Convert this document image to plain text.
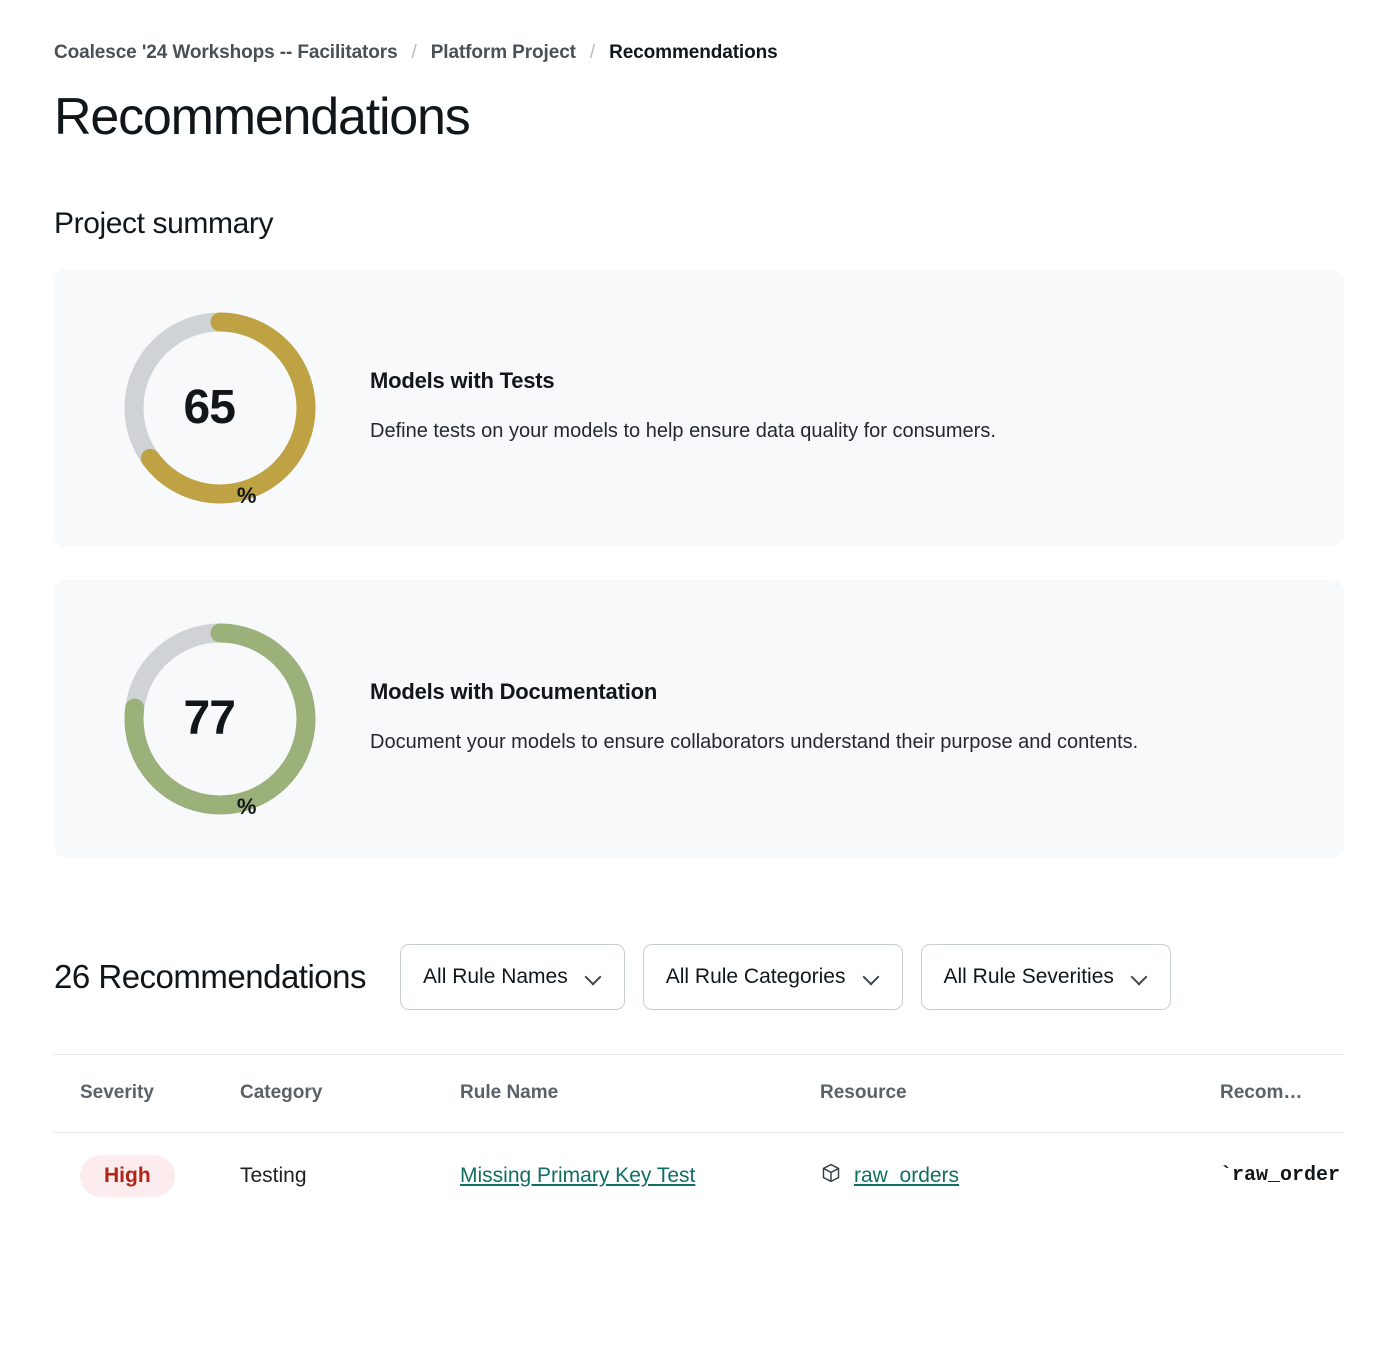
Coalesce '24 Workshops -- Facilitators / Platform Project / Recommendations
Recommendations
Project summary
65
%
Models with Tests
Define tests on your models to help ensure data quality for consumers.
77
%
Models with Documentation
Document your models to ensure collaborators understand their purpose and contents.
26 Recommendations	All Rule Names	All Rule Categories	All Rule Severities
Severity	Category	Rule Name	Resource	Recom…
High	Testing	Missing Primary Key Test	raw_orders	`raw_order
